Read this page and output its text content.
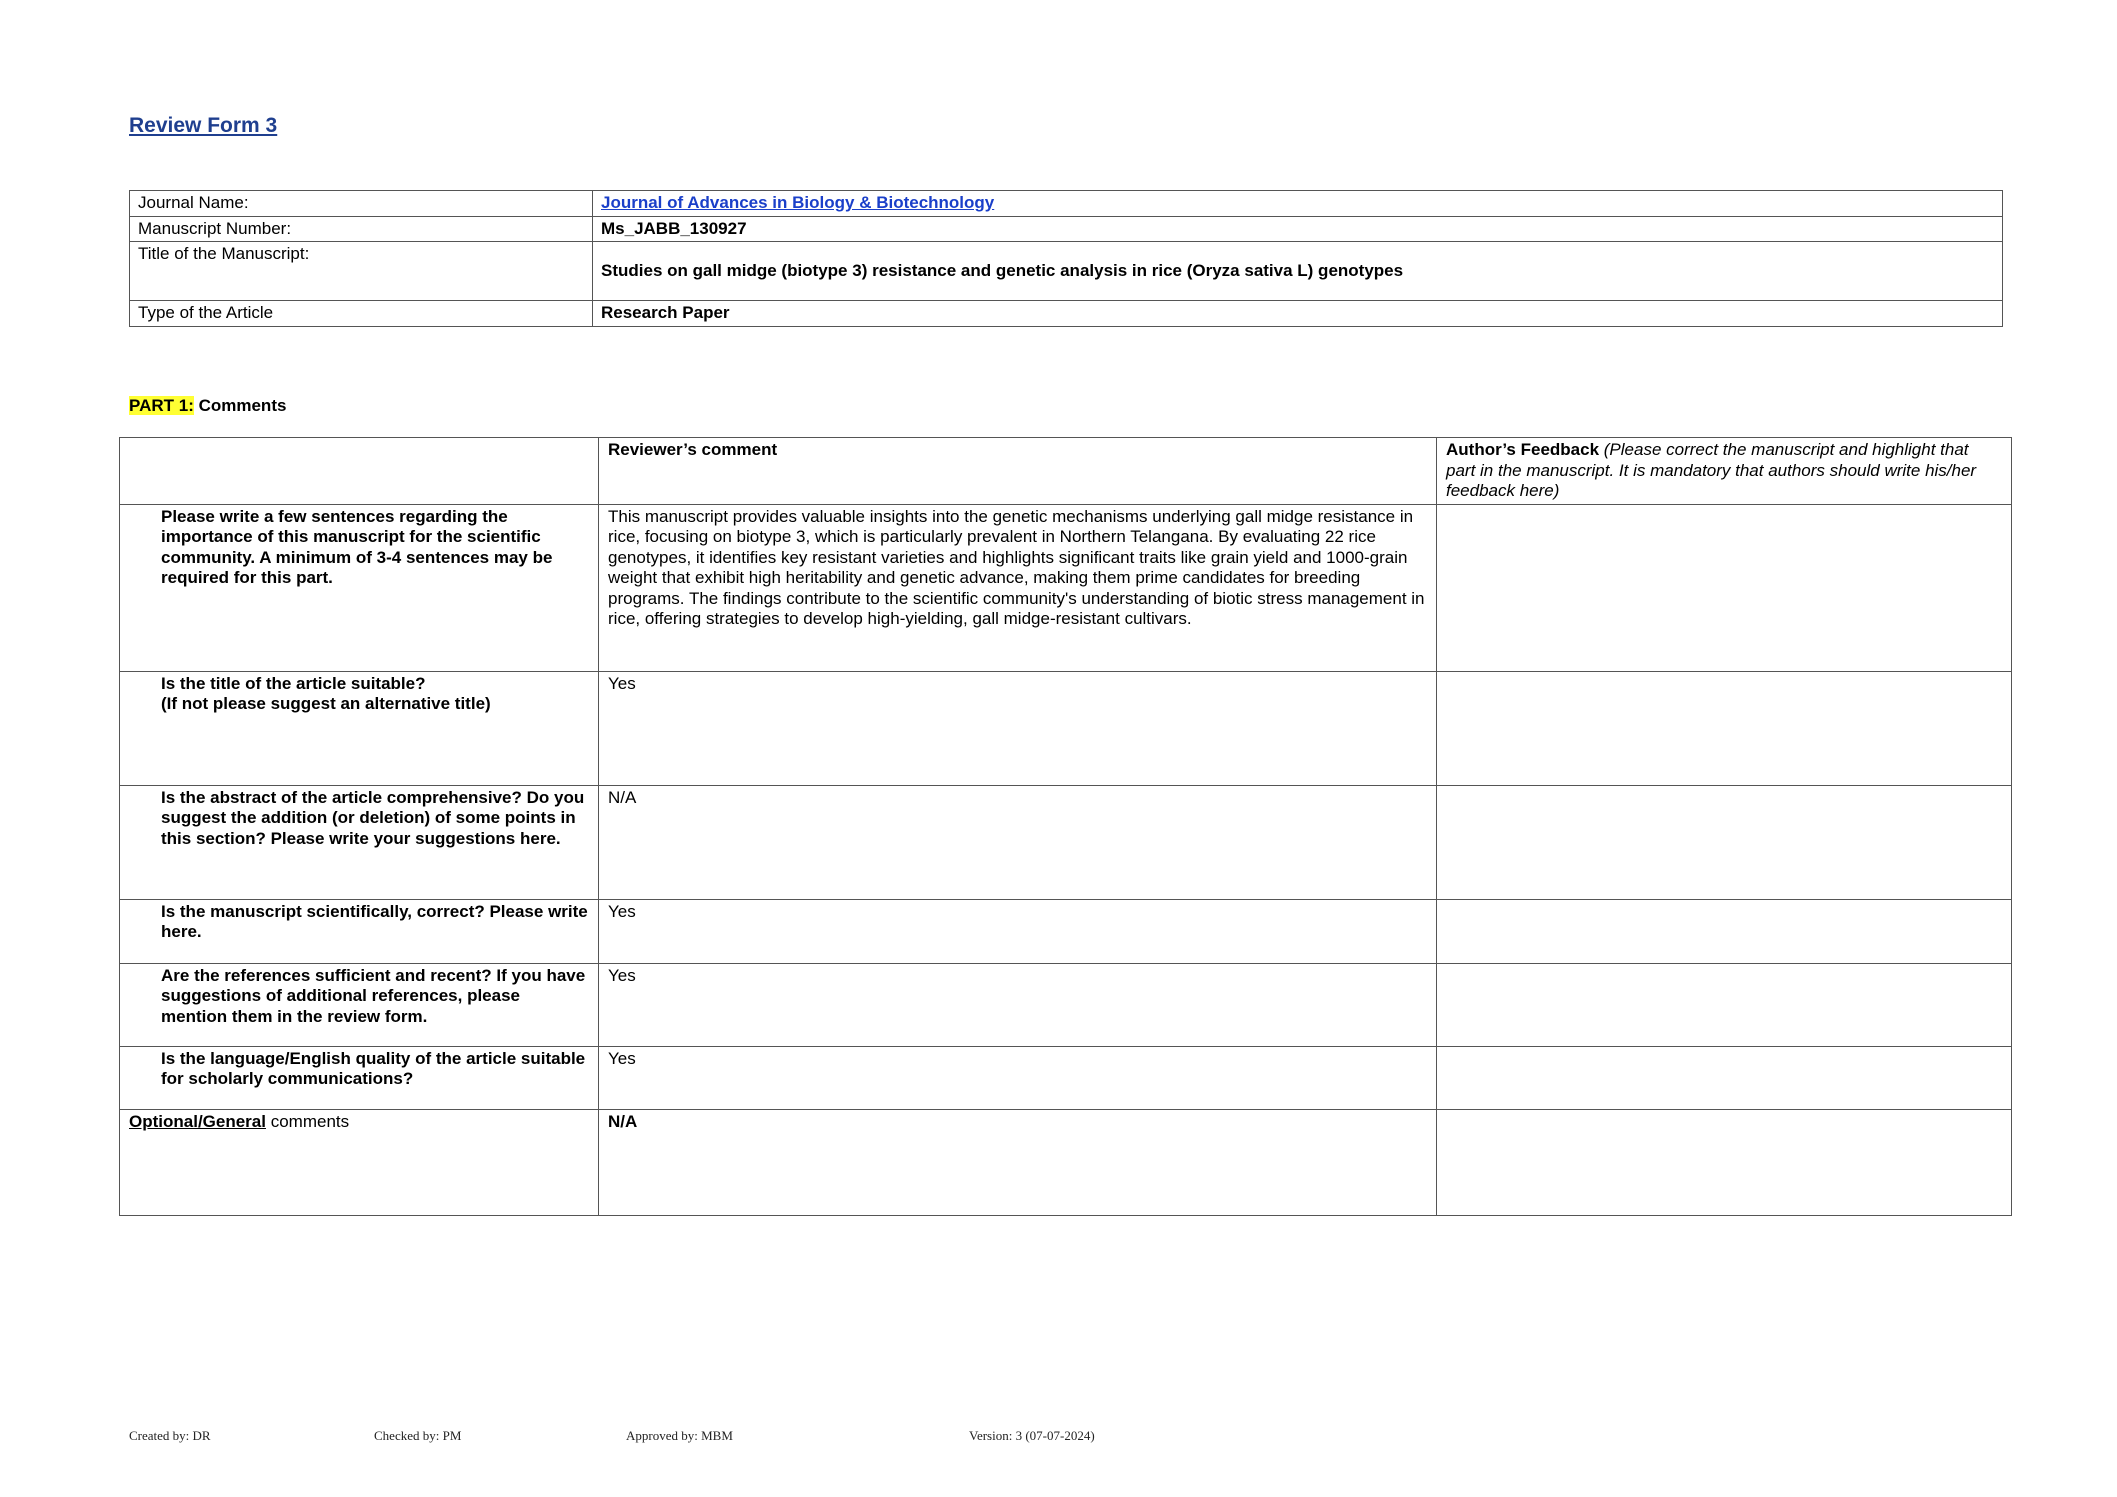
Review Form 3
Journal Name:	Journal of Advances in Biology & Biotechnology
Manuscript Number:	Ms_JABB_130927
Title of the Manuscript:	Studies on gall midge (biotype 3) resistance and genetic analysis in rice (Oryza sativa L) genotypes
Type of the Article	Research Paper
PART 1: Comments
	Reviewer’s comment	Author’s Feedback (Please correct the manuscript and highlight that part in the manuscript. It is mandatory that authors should write his/her feedback here)
Please write a few sentences regarding the importance of this manuscript for the scientific community. A minimum of 3-4 sentences may be required for this part.	This manuscript provides valuable insights into the genetic mechanisms underlying gall midge resistance in rice, focusing on biotype 3, which is particularly prevalent in Northern Telangana. By evaluating 22 rice genotypes, it identifies key resistant varieties and highlights significant traits like grain yield and 1000-grain weight that exhibit high heritability and genetic advance, making them prime candidates for breeding programs. The findings contribute to the scientific community's understanding of biotic stress management in rice, offering strategies to develop high-yielding, gall midge-resistant cultivars.	

Is the title of the article suitable?
(If not please suggest an alternative title)	Yes	
Is the abstract of the article comprehensive? Do you suggest the addition (or deletion) of some points in this section? Please write your suggestions here.	N/A	
Is the manuscript scientifically, correct? Please write here.	Yes	
Are the references sufficient and recent? If you have suggestions of additional references, please mention them in the review form.	Yes	
Is the language/English quality of the article suitable for scholarly communications?	Yes	
Optional/General comments	N/A	
Created by: DR	Checked by: PM	Approved by: MBM	Version: 3 (07-07-2024)
